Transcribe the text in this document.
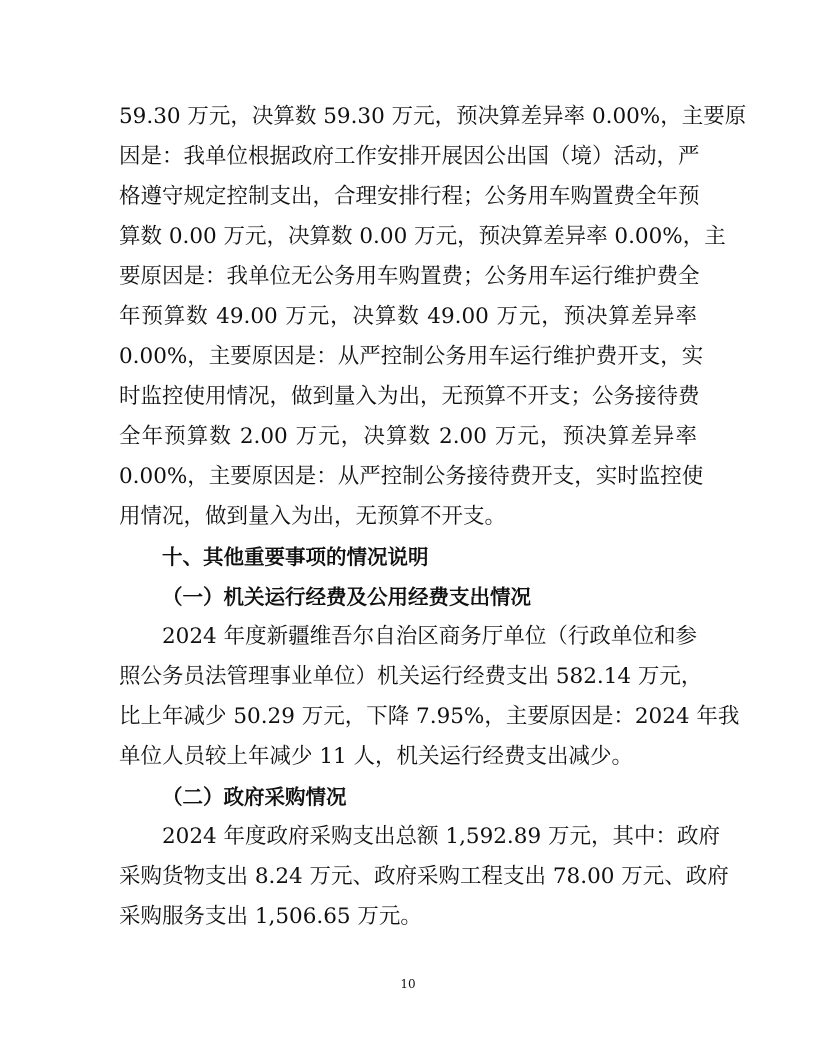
59.30 万元，决算数 59.30 万元，预决算差异率 0.00%，主要原
因是：我单位根据政府工作安排开展因公出国（境）活动，严
格遵守规定控制支出，合理安排行程；公务用车购置费全年预
算数 0.00 万元，决算数 0.00 万元，预决算差异率 0.00%，主
要原因是：我单位无公务用车购置费；公务用车运行维护费全
年预算数 49.00 万元，决算数 49.00 万元，预决算差异率
0.00%，主要原因是：从严控制公务用车运行维护费开支，实
时监控使用情况，做到量入为出，无预算不开支；公务接待费
全年预算数 2.00 万元，决算数 2.00 万元，预决算差异率
0.00%，主要原因是：从严控制公务接待费开支，实时监控使
用情况，做到量入为出，无预算不开支。
十、其他重要事项的情况说明
（一）机关运行经费及公用经费支出情况
2024 年度新疆维吾尔自治区商务厅单位（行政单位和参
照公务员法管理事业单位）机关运行经费支出 582.14 万元，
比上年减少 50.29 万元，下降 7.95%，主要原因是：2024 年我
单位人员较上年减少 11 人，机关运行经费支出减少。
（二）政府采购情况
2024 年度政府采购支出总额 1,592.89 万元，其中：政府
采购货物支出 8.24 万元、政府采购工程支出 78.00 万元、政府
采购服务支出 1,506.65 万元。
10
